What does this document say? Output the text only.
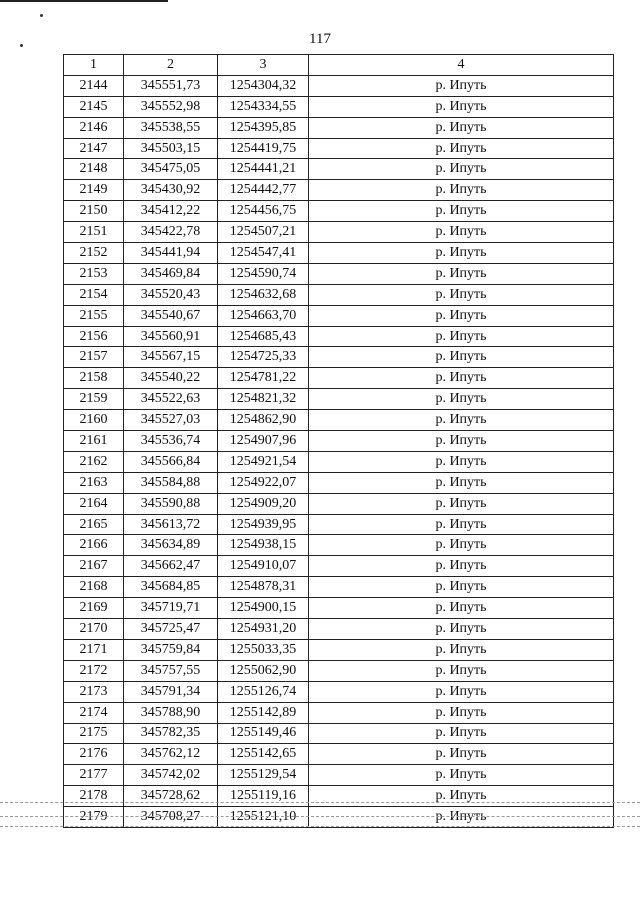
117
1	2	3	4
2144	345551,73	1254304,32	р. Ипуть
2145	345552,98	1254334,55	р. Ипуть
2146	345538,55	1254395,85	р. Ипуть
2147	345503,15	1254419,75	р. Ипуть
2148	345475,05	1254441,21	р. Ипуть
2149	345430,92	1254442,77	р. Ипуть
2150	345412,22	1254456,75	р. Ипуть
2151	345422,78	1254507,21	р. Ипуть
2152	345441,94	1254547,41	р. Ипуть
2153	345469,84	1254590,74	р. Ипуть
2154	345520,43	1254632,68	р. Ипуть
2155	345540,67	1254663,70	р. Ипуть
2156	345560,91	1254685,43	р. Ипуть
2157	345567,15	1254725,33	р. Ипуть
2158	345540,22	1254781,22	р. Ипуть
2159	345522,63	1254821,32	р. Ипуть
2160	345527,03	1254862,90	р. Ипуть
2161	345536,74	1254907,96	р. Ипуть
2162	345566,84	1254921,54	р. Ипуть
2163	345584,88	1254922,07	р. Ипуть
2164	345590,88	1254909,20	р. Ипуть
2165	345613,72	1254939,95	р. Ипуть
2166	345634,89	1254938,15	р. Ипуть
2167	345662,47	1254910,07	р. Ипуть
2168	345684,85	1254878,31	р. Ипуть
2169	345719,71	1254900,15	р. Ипуть
2170	345725,47	1254931,20	р. Ипуть
2171	345759,84	1255033,35	р. Ипуть
2172	345757,55	1255062,90	р. Ипуть
2173	345791,34	1255126,74	р. Ипуть
2174	345788,90	1255142,89	р. Ипуть
2175	345782,35	1255149,46	р. Ипуть
2176	345762,12	1255142,65	р. Ипуть
2177	345742,02	1255129,54	р. Ипуть
2178	345728,62	1255119,16	р. Ипуть
2179	345708,27	1255121,10	р. Ипуть
